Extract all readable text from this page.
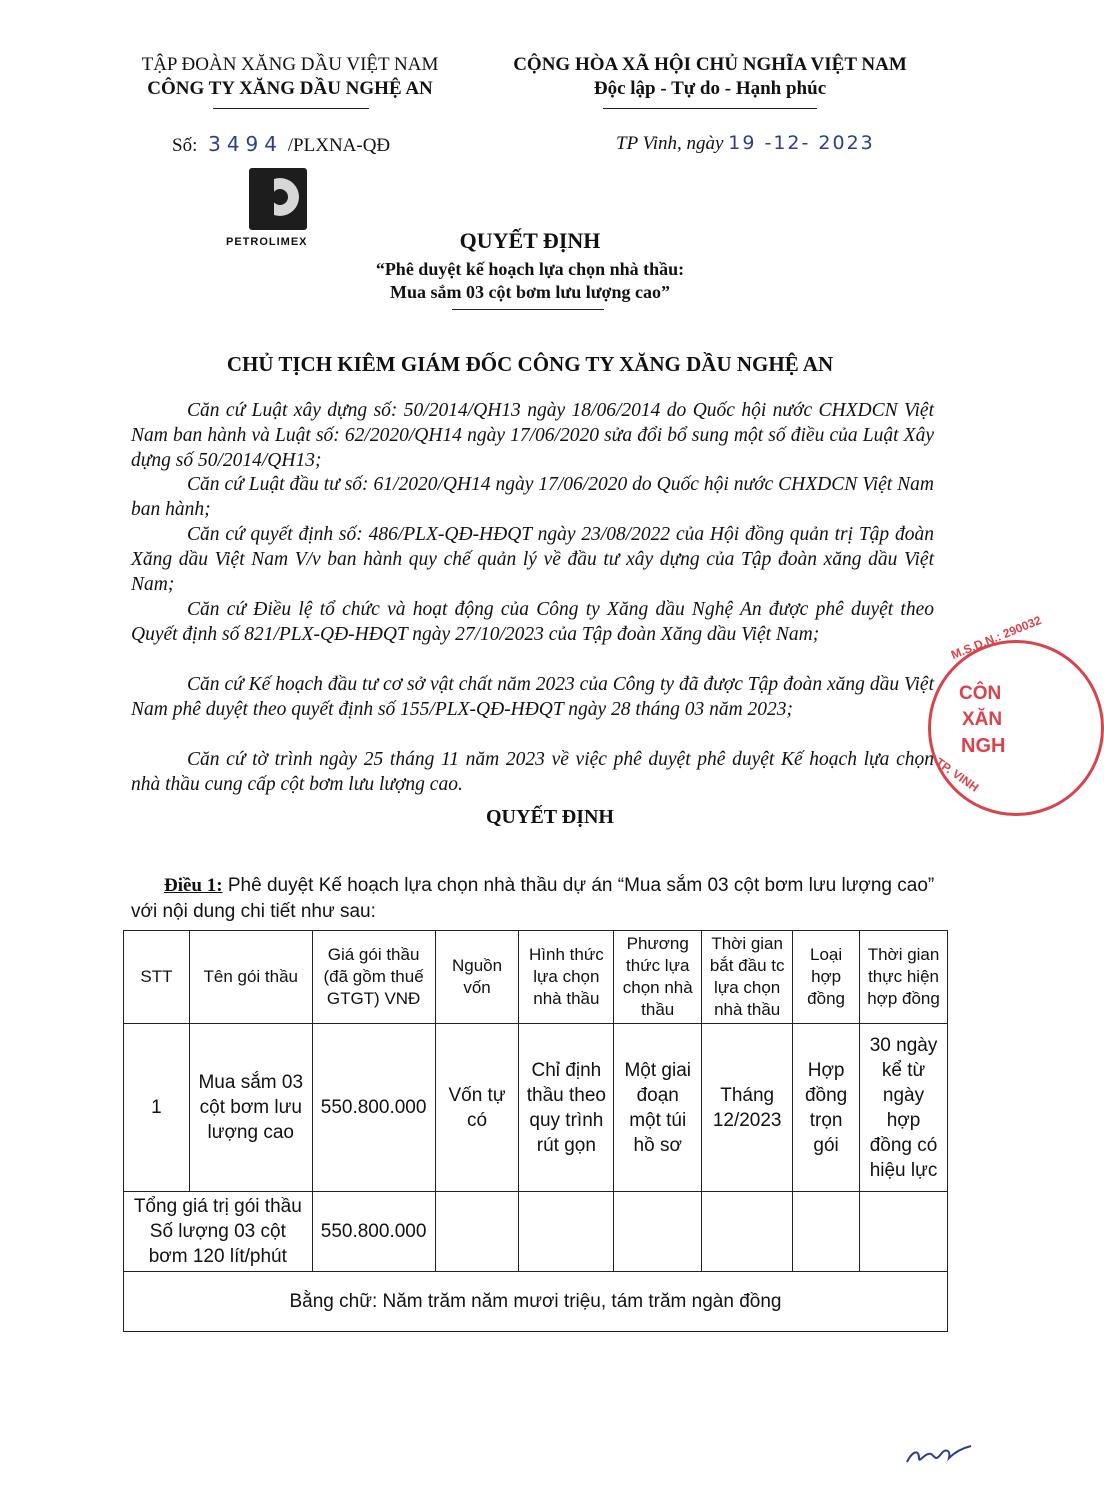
TẬP ĐOÀN XĂNG DẦU VIỆT NAM
CÔNG TY XĂNG DẦU NGHỆ AN
CỘNG HÒA XÃ HỘI CHỦ NGHĨA VIỆT NAM
Độc lập - Tự do - Hạnh phúc
Số: 3494 /PLXNA-QĐ	TP Vinh, ngày 19 -12- 2023
PETROLIMEX	QUYẾT ĐỊNH
“Phê duyệt kế hoạch lựa chọn nhà thầu:
Mua sắm 03 cột bơm lưu lượng cao”
CHỦ TỊCH KIÊM GIÁM ĐỐC CÔNG TY XĂNG DẦU NGHỆ AN
Căn cứ Luật xây dựng số: 50/2014/QH13 ngày 18/06/2014 do Quốc hội nước CHXDCN Việt Nam ban hành và Luật số: 62/2020/QH14 ngày 17/06/2020 sửa đổi bổ sung một số điều của Luật Xây dựng số 50/2014/QH13;
Căn cứ Luật đầu tư số: 61/2020/QH14 ngày 17/06/2020 do Quốc hội nước CHXDCN Việt Nam ban hành;
Căn cứ quyết định số: 486/PLX-QĐ-HĐQT ngày 23/08/2022 của Hội đồng quản trị Tập đoàn Xăng dầu Việt Nam V/v ban hành quy chế quản lý về đầu tư xây dựng của Tập đoàn xăng dầu Việt Nam;
Căn cứ Điều lệ tổ chức và hoạt động của Công ty Xăng dầu Nghệ An được phê duyệt theo Quyết định số 821/PLX-QĐ-HĐQT ngày 27/10/2023 của Tập đoàn Xăng dầu Việt Nam;
Căn cứ Kế hoạch đầu tư cơ sở vật chất năm 2023 của Công ty đã được Tập đoàn xăng dầu Việt Nam phê duyệt theo quyết định số 155/PLX-QĐ-HĐQT ngày 28 tháng 03 năm 2023;
Căn cứ tờ trình ngày 25 tháng 11 năm 2023 về việc phê duyệt phê duyệt Kế hoạch lựa chọn nhà thầu cung cấp cột bơm lưu lượng cao.
QUYẾT ĐỊNH
Điều 1: Phê duyệt Kế hoạch lựa chọn nhà thầu dự án “Mua sắm 03 cột bơm lưu lượng cao” với nội dung chi tiết như sau:
STT	Tên gói thầu	Giá gói thầu (đã gồm thuế GTGT) VNĐ	Nguồn vốn	Hình thức lựa chọn nhà thầu	Phương thức lựa chọn nhà thầu	Thời gian bắt đầu tc lựa chọn nhà thầu	Loại hợp đồng	Thời gian thực hiện hợp đồng
1	Mua sắm 03 cột bơm lưu lượng cao	550.800.000	Vốn tự có	Chỉ định thầu theo quy trình rút gọn	Một giai đoạn một túi hồ sơ	Tháng 12/2023	Hợp đồng trọn gói	30 ngày kể từ ngày hợp đồng có hiệu lực
Tổng giá trị gói thầu Số lượng 03 cột bơm 120 lít/phút		550.800.000						
Bằng chữ: Năm trăm năm mươi triệu, tám trăm ngàn đồng								
M.S.D.N.: 290032
CÔN
XĂN
NGH
TP. VINH
